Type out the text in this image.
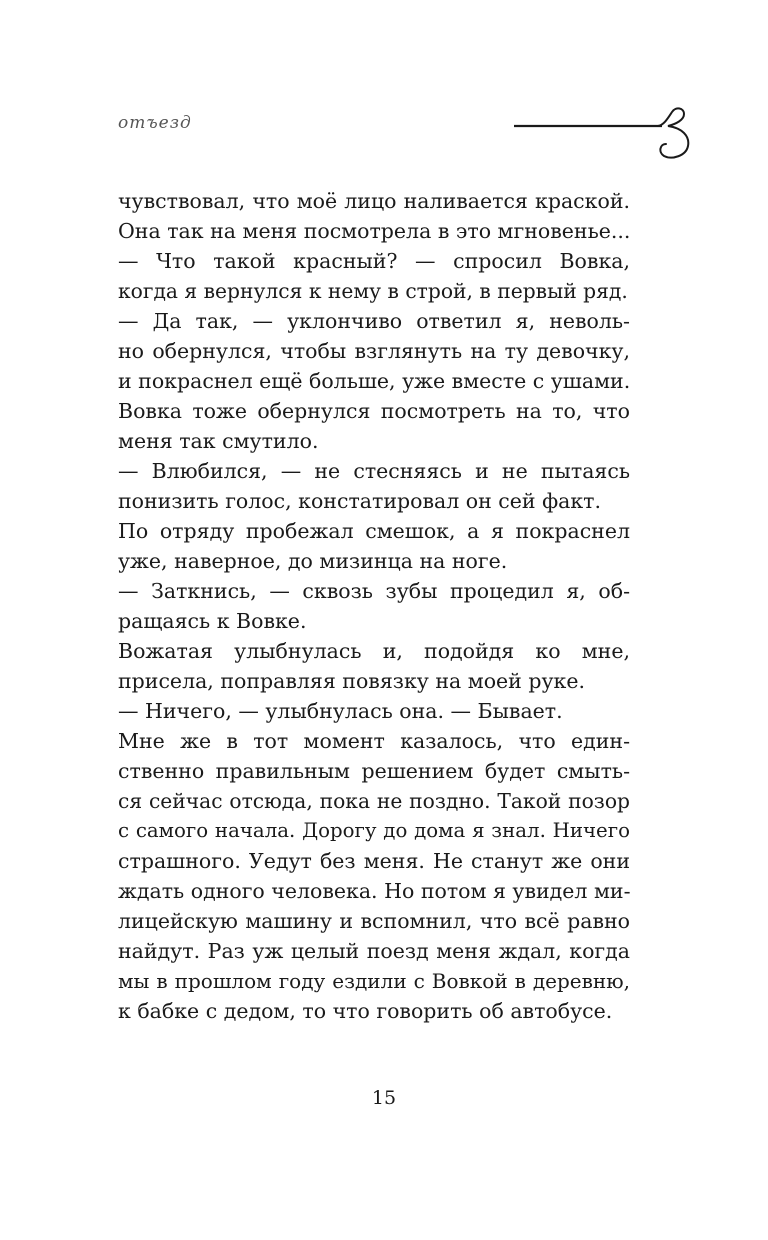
отъезд
чувствовал, что моё лицо наливается краской.
Она так на меня посмотрела в это мгновенье...
— Что такой красный? — спросил Вовка,
когда я вернулся к нему в строй, в первый ряд.
— Да так, — уклончиво ответил я, неволь-
но обернулся, чтобы взглянуть на ту девочку,
и покраснел ещё больше, уже вместе с ушами.
Вовка тоже обернулся посмотреть на то, что
меня так смутило.
— Влюбился, — не стесняясь и не пытаясь
понизить голос, констатировал он сей факт.
По отряду пробежал смешок, а я покраснел
уже, наверное, до мизинца на ноге.
— Заткнись, — сквозь зубы процедил я, об-
ращаясь к Вовке.
Вожатая улыбнулась и, подойдя ко мне,
присела, поправляя повязку на моей руке.
— Ничего, — улыбнулась она. — Бывает.
Мне же в тот момент казалось, что един-
ственно правильным решением будет смыть-
ся сейчас отсюда, пока не поздно. Такой позор
с самого начала. Дорогу до дома я знал. Ничего
страшного. Уедут без меня. Не станут же они
ждать одного человека. Но потом я увидел ми-
лицейскую машину и вспомнил, что всё равно
найдут. Раз уж целый поезд меня ждал, когда
мы в прошлом году ездили с Вовкой в деревню,
к бабке с дедом, то что говорить об автобусе.
15
